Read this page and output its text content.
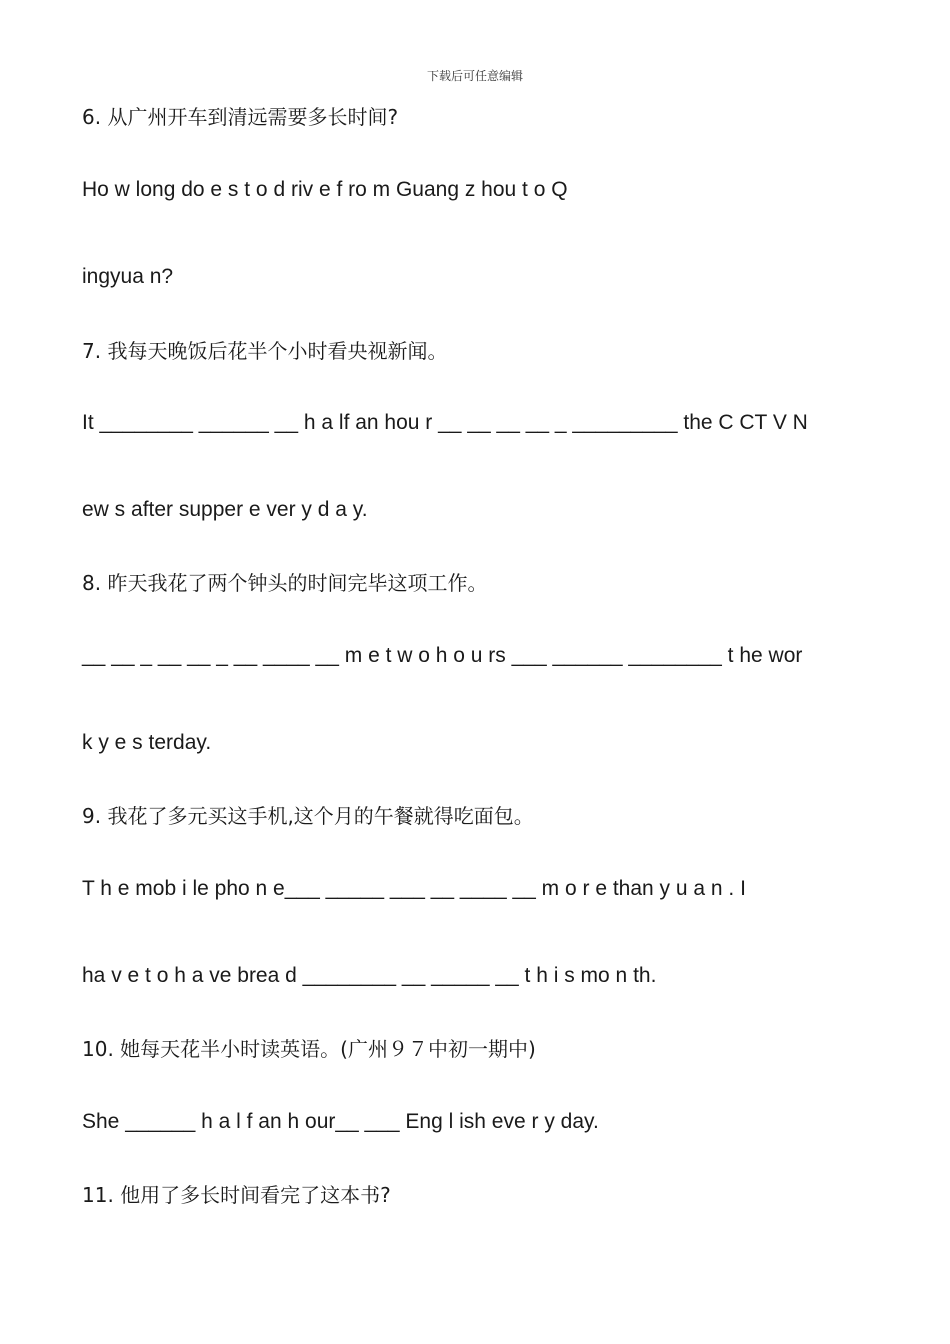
下载后可任意编辑
6. 从广州开车到清远需要多长时间?
Ho w long do e s t o d riv e f ro m Guang z hou t o Q
ingyua n?
7. 我每天晚饭后花半个小时看央视新闻。
It ________ ______ __ h a lf an hou r __ __ __ __ _ _________ the C CT V N
ew s after supper e ver y d a y.
8. 昨天我花了两个钟头的时间完毕这项工作。
__ __ _ __ __ _ __ ____ __ m e t w o h o u rs ___ ______ ________ t he wor
k y e s terday.
9. 我花了多元买这手机,这个月的午餐就得吃面包。
T h e mob i le pho n e___ _____ ___ __ ____ __ m o r e than y u a n . I
ha v e t o h a ve brea d ________ __ _____ __ t h i s mo n th.
10. 她每天花半小时读英语。(广州９７中初一期中)
She ______ h a l f an h our__ ___ Eng l ish eve r y day.
11. 他用了多长时间看完了这本书?
